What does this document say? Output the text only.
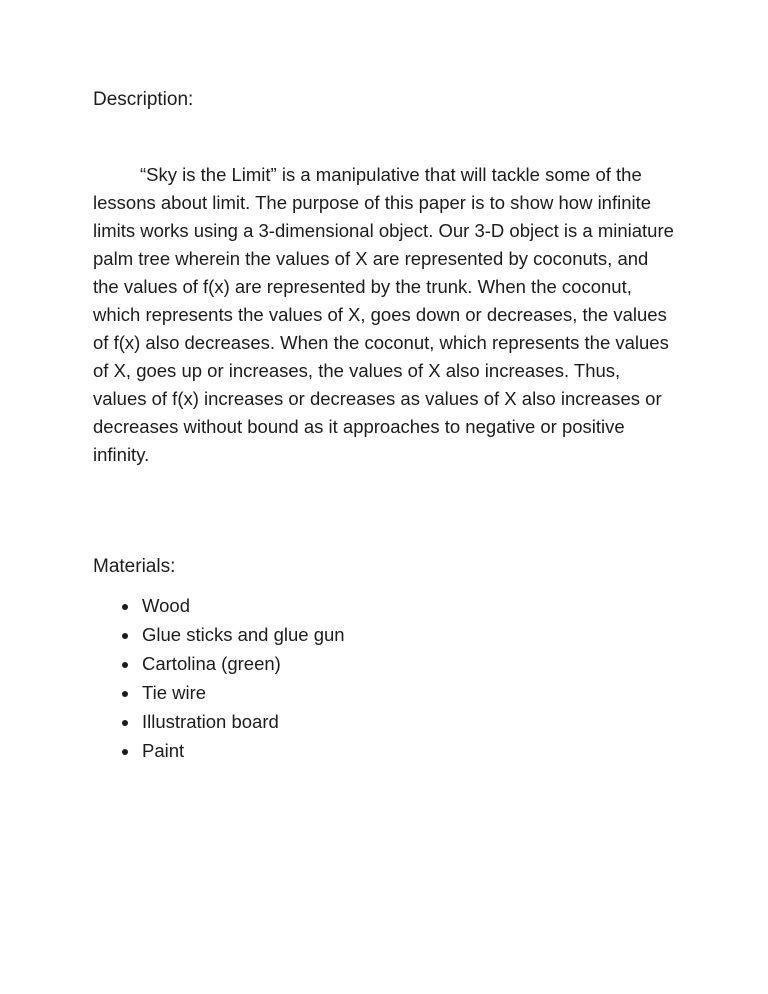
Description:

“Sky is the Limit” is a manipulative that will tackle some of the lessons about limit. The purpose of this paper is to show how infinite limits works using a 3-dimensional object. Our 3-D object is a miniature palm tree wherein the values of X are represented by coconuts, and the values of f(x) are represented by the trunk. When the coconut, which represents the values of X, goes down or decreases, the values of f(x) also decreases. When the coconut, which represents the values of X, goes up or increases, the values of X also increases. Thus, values of f(x) increases or decreases as values of X also increases or decreases without bound as it approaches to negative or positive infinity.

Materials:
• Wood
• Glue sticks and glue gun
• Cartolina (green)
• Tie wire
• Illustration board
• Paint
